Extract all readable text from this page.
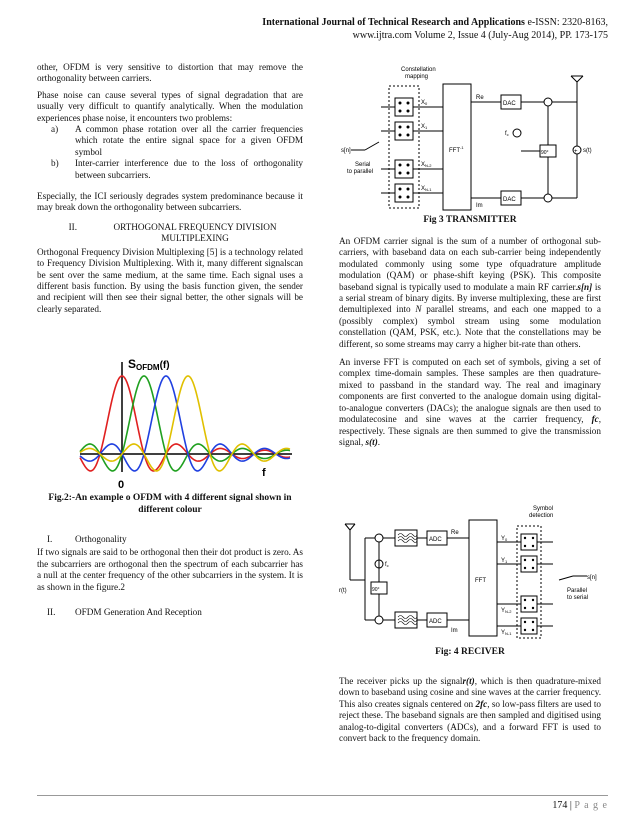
International Journal of Technical Research and Applications e-ISSN: 2320-8163,
www.ijtra.com Volume 2, Issue 4 (July-Aug 2014), PP. 173-175

other, OFDM is very sensitive to distortion that may remove the orthogonality between carriers.

Phase noise can cause several types of signal degradation that are usually very difficult to quantify analytically. When the modulation experiences phase noise, it encounters two problems:

a)	A common phase rotation over all the carrier frequencies which rotate the entire signal space for a given OFDM symbol
b)	Inter-carrier interference due to the loss of orthogonality between subcarriers.

Especially, the ICI seriously degrades system predominance because it may break down the orthogonality between subcarriers.

II.	ORTHOGONAL FREQUENCY DIVISION MULTIPLEXING

Orthogonal Frequency Division Multiplexing [5] is a technology related to Frequency Division Multiplexing. With it, many different signalscan be sent over the same medium, at the same time. Each signal uses a different basis function. By using the basis function given, the sender and recipient will then see their signal better, the other signals will be clearly separated.

SOFDM(f)
f
0
Fig.2:-An example o OFDM with 4 different signal shown in different colour
I.	Orthogonality

If two signals are said to be orthogonal then their dot product is zero. As the subcarriers are orthogonal then the spectrum of each subcarrier has a null at the center frequency of the other subcarriers in the system. It is as shown in the figure.2

II.	OFDM Generation And Reception
Constellation
mapping
s[n]
Serial
to parallel
X0
X1
XN-2
XN-1
$FFT^{-1}$
Re
Im
DAC
DAC
fc
90°	+ s(t)
Fig 3 TRANSMITTER

An OFDM carrier signal is the sum of a number of orthogonal sub-carriers, with baseband data on each sub-carrier being independently modulated commonly using some type ofquadrature amplitude modulation (QAM) or phase-shift keying (PSK). This composite baseband signal is typically used to modulate a main RF carrier.s[n] is a serial stream of binary digits. By inverse multiplexing, these are first demultiplexed into N parallel streams, and each one mapped to a (possibly complex) symbol stream using some modulation constellation (QAM, PSK, etc.). Note that the constellations may be different, so some streams may carry a higher bit-rate than others.

An inverse FFT is computed on each set of symbols, giving a set of complex time-domain samples. These samples are then quadrature-mixed to passband in the standard way. The real and imaginary components are first converted to the analogue domain using digital-to-analogue converters (DACs); the analogue signals are then used to modulatecosine and sine waves at the carrier frequency, fc, respectively. These signals are then summed to give the transmission signal, s(t).

Symbol
detection
r(t)	90°
fc
ADC
ADC
Re
Im
FFT
Y0
Y1
YN-2
YN-1
Parallel
to serial
s[n]
Fig: 4 RECIVER

The receiver picks up the signalr(t), which is then quadrature-mixed down to baseband using cosine and sine waves at the carrier frequency. This also creates signals centered on 2fc, so low-pass filters are used to reject these. The baseband signals are then sampled and digitised using analog-to-digital converters (ADCs), and a forward FFT is used to convert back to the frequency domain.

174 | P a g e
